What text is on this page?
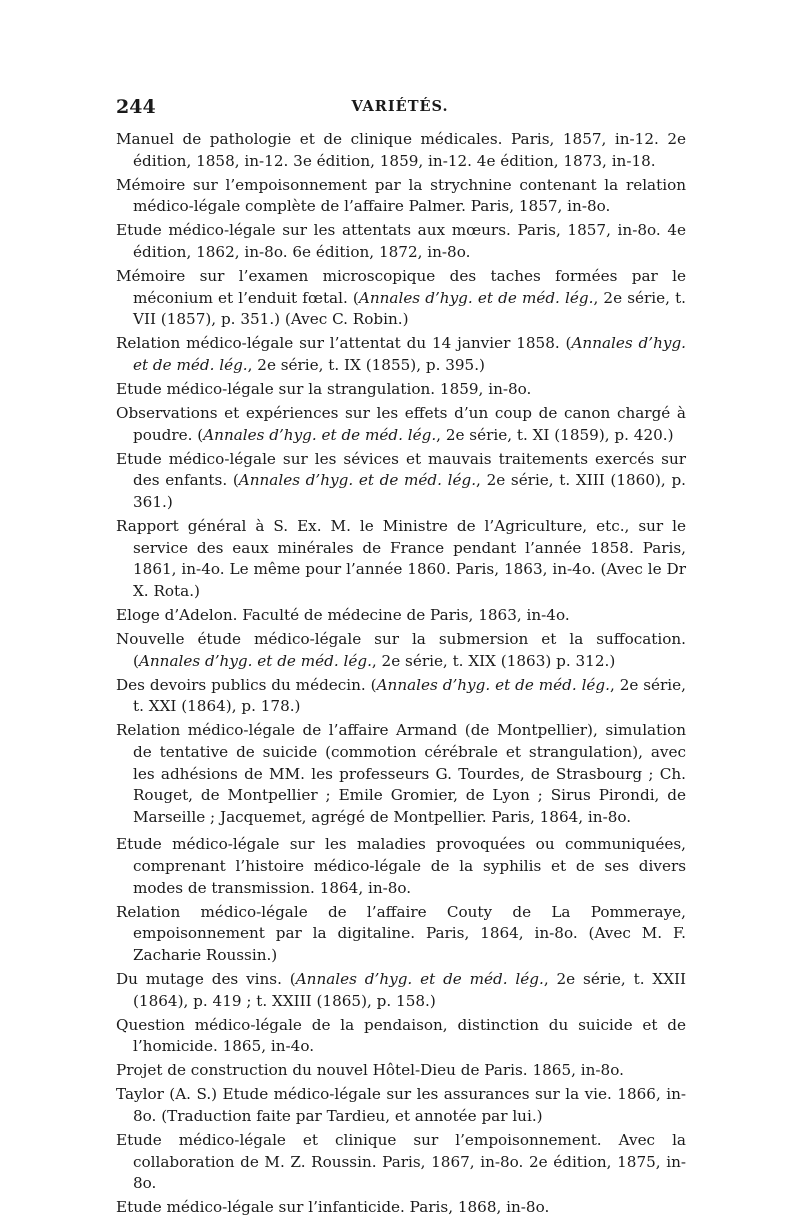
244	VARIÉTÉS.

Manuel de pathologie et de clinique médicales. Paris, 1857, in-12. 2e édition, 1858, in-12. 3e édition, 1859, in-12. 4e édition, 1873, in-18.

Mémoire sur l’empoisonnement par la strychnine contenant la relation médico-légale complète de l’affaire Palmer. Paris, 1857, in-8o.

Etude médico-légale sur les attentats aux mœurs. Paris, 1857, in-8o. 4e édition, 1862, in-8o. 6e édition, 1872, in-8o.

Mémoire sur l’examen microscopique des taches formées par le méconium et l’enduit fœtal. (Annales d’hyg. et de méd. lég., 2e série, t. VII (1857), p. 351.) (Avec C. Robin.)

Relation médico-légale sur l’attentat du 14 janvier 1858. (Annales d’hyg. et de méd. lég., 2e série, t. IX (1855), p. 395.)

Etude médico-légale sur la strangulation. 1859, in-8o.

Observations et expériences sur les effets d’un coup de canon chargé à poudre. (Annales d’hyg. et de méd. lég., 2e série, t. XI (1859), p. 420.)

Etude médico-légale sur les sévices et mauvais traitements exercés sur des enfants. (Annales d’hyg. et de méd. lég., 2e série, t. XIII (1860), p. 361.)

Rapport général à S. Ex. M. le Ministre de l’Agriculture, etc., sur le service des eaux minérales de France pendant l’année 1858. Paris, 1861, in-4o. Le même pour l’année 1860. Paris, 1863, in-4o. (Avec le Dr X. Rota.)

Eloge d’Adelon. Faculté de médecine de Paris, 1863, in-4o.

Nouvelle étude médico-légale sur la submersion et la suffocation. (Annales d’hyg. et de méd. lég., 2e série, t. XIX (1863) p. 312.)

Des devoirs publics du médecin. (Annales d’hyg. et de méd. lég., 2e série, t. XXI (1864), p. 178.)

Relation médico-légale de l’affaire Armand (de Montpellier), simulation de tentative de suicide (commotion cérébrale et strangulation), avec les adhésions de MM. les professeurs G. Tourdes, de Strasbourg ; Ch. Rouget, de Montpellier ; Emile Gromier, de Lyon ; Sirus Pirondi, de Marseille ; Jacquemet, agrégé de Montpellier. Paris, 1864, in-8o.

Etude médico-légale sur les maladies provoquées ou communiquées, comprenant l’histoire médico-légale de la syphilis et de ses divers modes de transmission. 1864, in-8o.

Relation médico-légale de l’affaire Couty de La Pommeraye, empoisonnement par la digitaline. Paris, 1864, in-8o. (Avec M. F. Zacharie Roussin.)

Du mutage des vins. (Annales d’hyg. et de méd. lég., 2e série, t. XXII (1864), p. 419 ; t. XXIII (1865), p. 158.)

Question médico-légale de la pendaison, distinction du suicide et de l’homicide. 1865, in-4o.

Projet de construction du nouvel Hôtel-Dieu de Paris. 1865, in-8o.

Taylor (A. S.) Etude médico-légale sur les assurances sur la vie. 1866, in-8o. (Traduction faite par Tardieu, et annotée par lui.)

Etude médico-légale et clinique sur l’empoisonnement. Avec la collaboration de M. Z. Roussin. Paris, 1867, in-8o. 2e édition, 1875, in-8o.

Etude médico-légale sur l’infanticide. Paris, 1868, in-8o.
